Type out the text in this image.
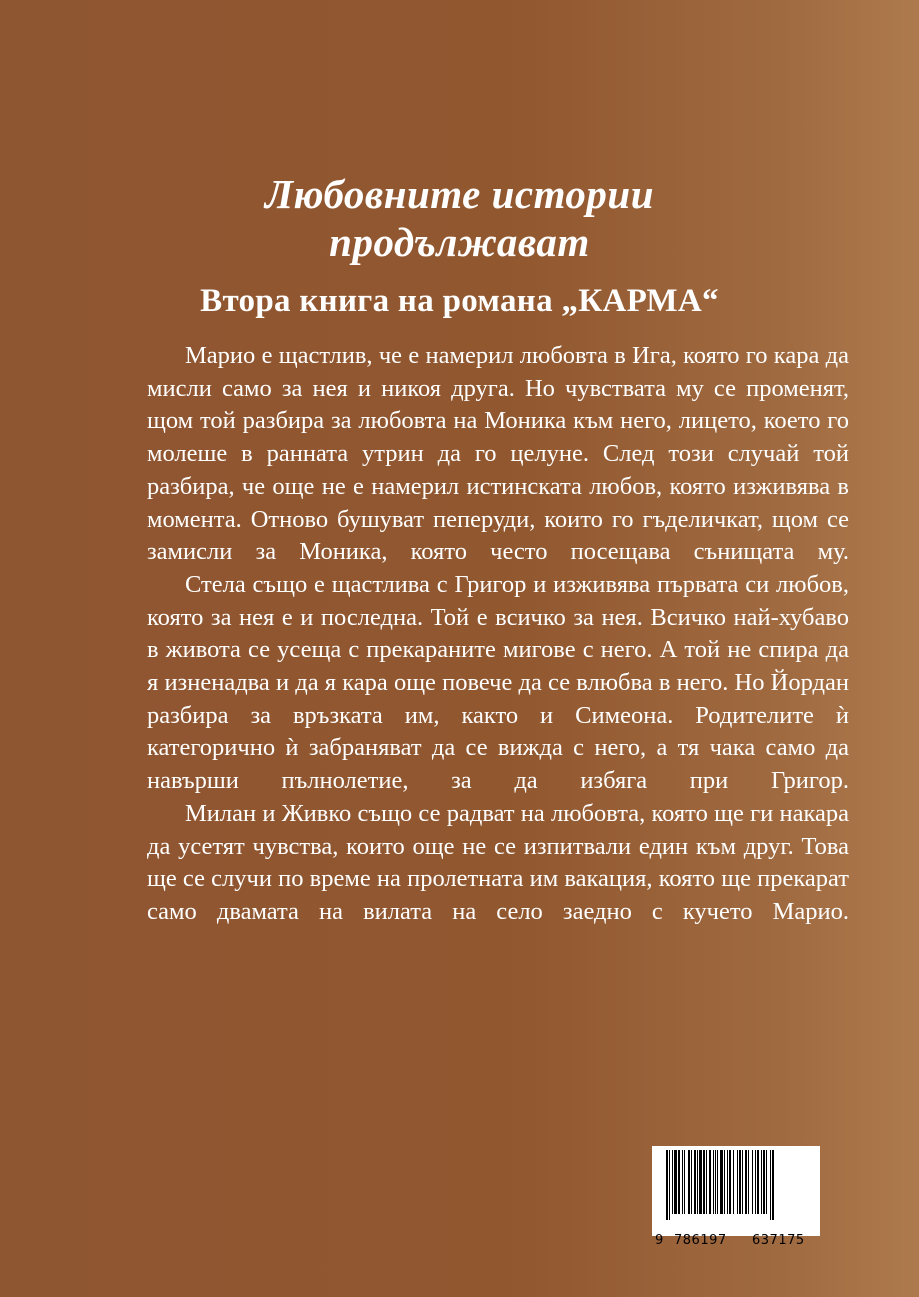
Любовните истории
продължават
Втора книга на романа „КАРМА“

Марио е щастлив, че е намерил любовта в Ига, която го кара да мисли само за нея и никоя друга. Но чувствата му се променят, щом той разбира за любовта на Моника към него, лицето, което го молеше в ранната утрин да го целуне. След този случай той разбира, че още не е намерил истинската любов, която изживява в момента. Отново бушуват пеперуди, които го гъделичкат, щом се замисли за Моника, която често посещава сънищата му.

Стела също е щастлива с Григор и изживява първата си любов, която за нея е и последна. Той е всичко за нея. Всичко най-хубаво в живота се усеща с прекараните мигове с него. А той не спира да я изненадва и да я кара още повече да се влюбва в него. Но Йордан разбира за връзката им, както и Симеона. Родителите ѝ категорично ѝ забраняват да се вижда с него, а тя чака само да навърши пълнолетие, за да избяга при Григор.

Милан и Живко също се радват на любовта, която ще ги накара да усетят чувства, които още не се изпитвали един към друг. Това ще се случи по време на пролетната им вакация, която ще прекарат само двамата на вилата на село заедно с кучето Марио.

9 786197 637175
